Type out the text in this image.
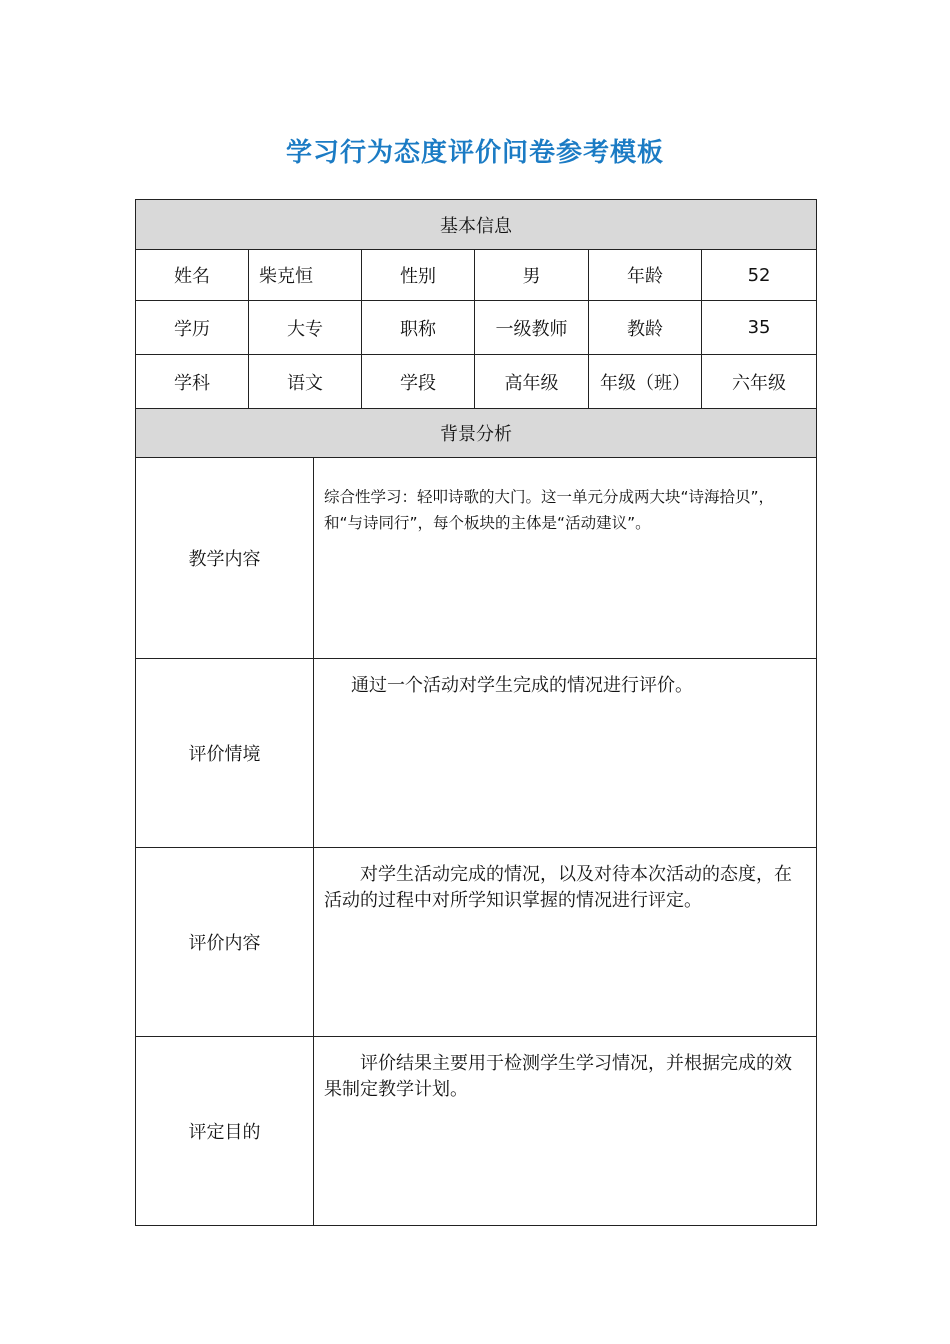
学习行为态度评价问卷参考模板
基本信息						
姓名	柴克恒		性别	男	年龄	52
学历	大专		职称	一级教师	教龄	35
学科	语文		学段	高年级	年级（班）	六年级
背景分析						
教学内容		综合性学习：轻叩诗歌的大门。这一单元分成两大块“诗海拾贝”，和“与诗同行”，每个板块的主体是“活动建议”。				
评价情境		通过一个活动对学生完成的情况进行评价。				
评价内容		对学生活动完成的情况，以及对待本次活动的态度，在活动的过程中对所学知识掌握的情况进行评定。				
评定目的		评价结果主要用于检测学生学习情况，并根据完成的效果制定教学计划。				
